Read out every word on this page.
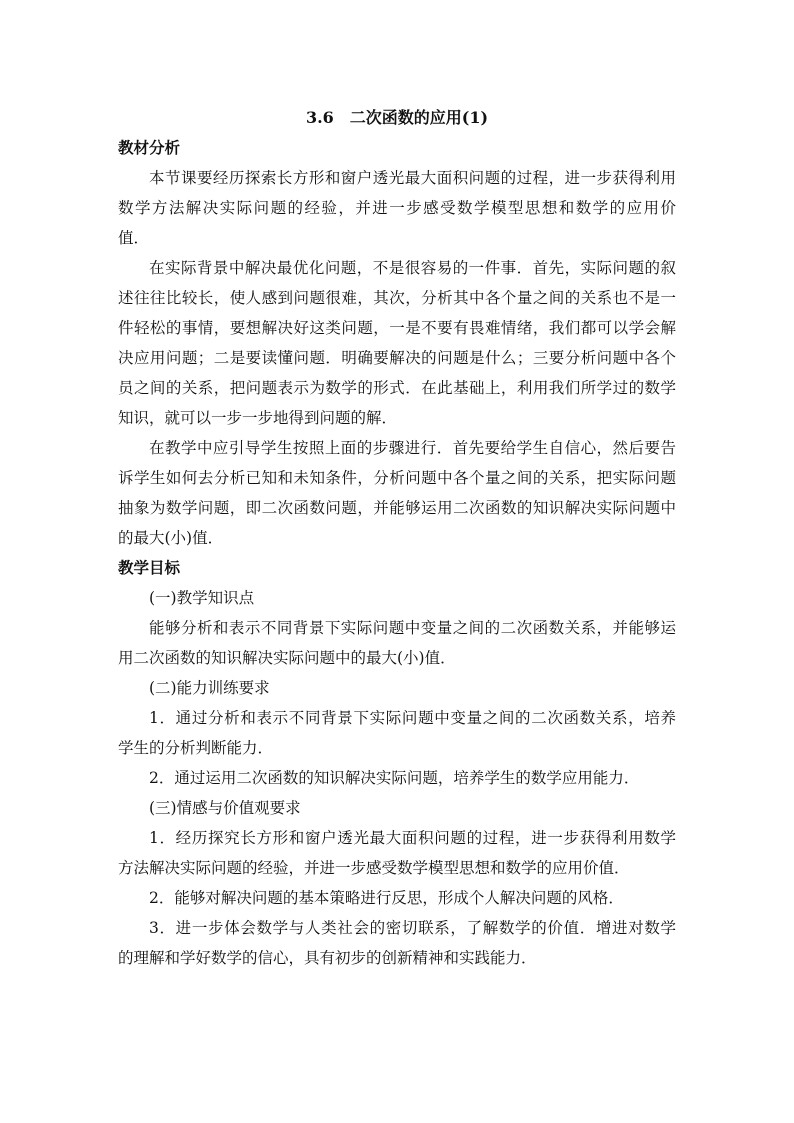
3.6　二次函数的应用(1)
教材分析
本节课要经历探索长方形和窗户透光最大面积问题的过程，进一步获得利用
数学方法解决实际问题的经验，并进一步感受数学模型思想和数学的应用价
值．
在实际背景中解决最优化问题，不是很容易的一件事．首先，实际问题的叙
述往往比较长，使人感到问题很难，其次，分析其中各个量之间的关系也不是一
件轻松的事情，要想解决好这类问题，一是不要有畏难情绪，我们都可以学会解
决应用问题；二是要读懂问题．明确要解决的问题是什么；三要分析问题中各个
员之间的关系，把问题表示为数学的形式．在此基础上，利用我们所学过的数学
知识，就可以一步一步地得到问题的解．
在教学中应引导学生按照上面的步骤进行．首先要给学生自信心，然后要告
诉学生如何去分析已知和未知条件，分析问题中各个量之间的关系，把实际问题
抽象为数学问题，即二次函数问题，并能够运用二次函数的知识解决实际问题中
的最大(小)值．
教学目标
(一)教学知识点
能够分析和表示不同背景下实际问题中变量之间的二次函数关系，并能够运
用二次函数的知识解决实际问题中的最大(小)值．
(二)能力训练要求
1．通过分析和表示不同背景下实际问题中变量之间的二次函数关系，培养
学生的分析判断能力．
2．通过运用二次函数的知识解决实际问题，培养学生的数学应用能力．
(三)情感与价值观要求
1．经历探究长方形和窗户透光最大面积问题的过程，进一步获得利用数学
方法解决实际问题的经验，并进一步感受数学模型思想和数学的应用价值．
2．能够对解决问题的基本策略进行反思，形成个人解决问题的风格．
3．进一步体会数学与人类社会的密切联系，了解数学的价值．增进对数学
的理解和学好数学的信心，具有初步的创新精神和实践能力．
